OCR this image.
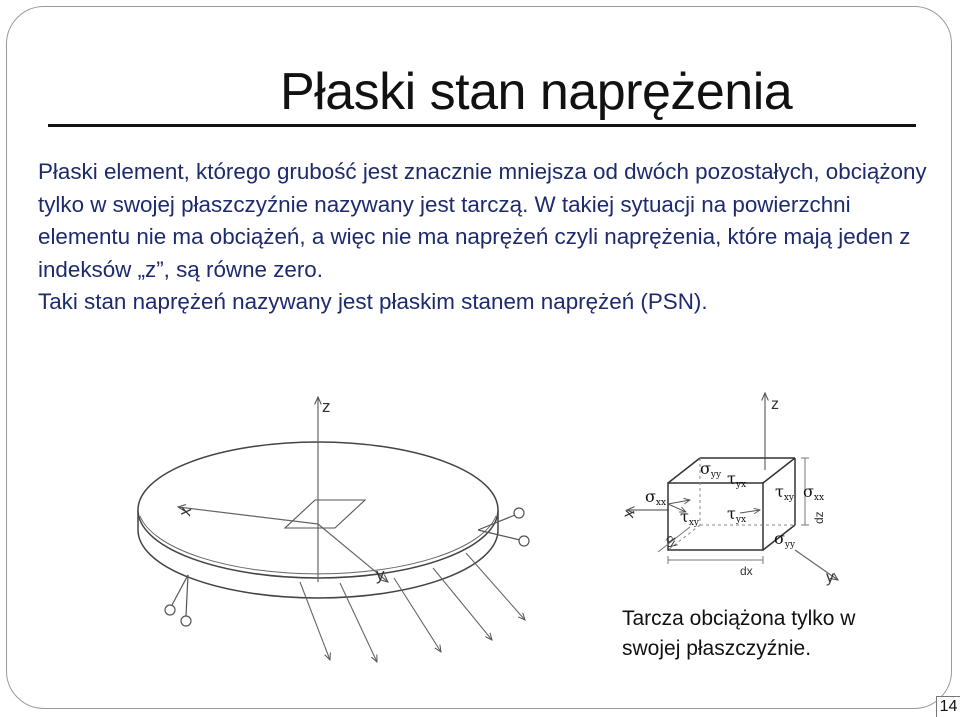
Płaski stan naprężenia

Płaski element, którego grubość jest znacznie mniejsza od dwóch pozostałych, obciążony tylko w swojej płaszczyźnie nazywany jest tarczą. W takiej sytuacji na powierzchni elementu nie ma obciążeń, a więc nie ma naprężeń czyli naprężenia, które mają jeden z indeksów „z”, są równe zero.

Taki stan naprężeń nazywany jest płaskim stanem naprężeń (PSN).

z
x
y
z
x
y
dx
dz
dy
σyy τyx
σxx
τxy τyx
τxy σxx
σyy
Tarcza obciążona tylko w
swojej płaszczyźnie.
14
